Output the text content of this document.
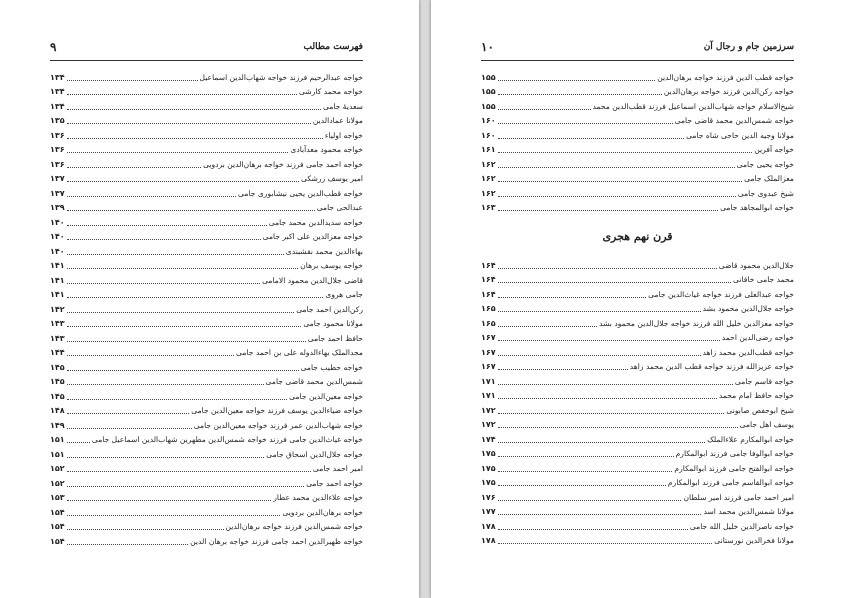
فهرست مطالب
۹
خواجه عبدالرحیم فرزند خواجه شهاب‌الدین اسماعیل
۱۳۴
خواجه محمد کارشی
۱۳۴
سعدیهٔ جامی
۱۳۴
مولانا عمادالدین
۱۳۵
خواجه اولیاء
۱۳۶
خواجه محمود معدآبادی
۱۳۶
خواجه احمد جامی فرزند خواجه برهان‌الدین بردویی
۱۳۶
امیر یوسف زرشکی
۱۳۷
خواجه قطب‌الدین یحیی نیشابوری جامی
۱۳۷
عبدالحی جامی
۱۳۹
خواجه سدیدالدین محمد جامی
۱۴۰
خواجه معزالدین علی اکبر جامی
۱۴۰
بهاءالدین محمد نقشبندی
۱۴۰
خواجه یوسف برهان
۱۴۱
قاضی جلال‌الدین محمود الامامی
۱۴۱
جامی هروی
۱۴۱
رکن‌الدین احمد جامی
۱۴۲
مولانا محمود جامی
۱۴۳
حافظ احمد جامی
۱۴۳
مجدالملک بهاءالدوله علی بن احمد جامی
۱۴۴
خواجه حطیب جامی
۱۴۵
شمس‌الدین محمد قاضی جامی
۱۴۵
خواجه معین‌الدین جامی
۱۴۵
خواجه ضیاءالدین یوسف فرزند خواجه معین‌الدین جامی
۱۴۸
خواجه شهاب‌الدین عمر فرزند خواجه معین‌الدین جامی
۱۴۹
خواجه غیاث‌الدین جامی فرزند خواجه شمس‌الدین مطهرین شهاب‌الدین اسماعیل جامی
۱۵۱
خواجه جلال‌الدین اسحاق جامی
۱۵۱
امیر احمد جامی
۱۵۲
خواجه احمد جامی
۱۵۲
خواجه علاءالدین محمد عطار
۱۵۳
خواجه برهان‌الدین بردویی
۱۵۴
خواجه شمس‌الدین فرزند خواجه برهان‌الدین
۱۵۴
خواجه ظهیرالدین احمد جامی فرزند خواجه برهان الدین
۱۵۴
سرزمین جام و رجال آن
۱۰
خواجه قطب الدین فرزند خواجه برهان‌الدین
۱۵۵
خواجه رکن‌الدین فرزند خواجه برهان‌الدین
۱۵۵
شیخ‌الاسلام خواجه شهاب‌الدین اسماعیل فرزند قطب‌الدین محمد
۱۵۵
خواجه شمس‌الدین محمد قاضی جامی
۱۶۰
مولانا وجیه الدین حاجی شاه جامی
۱۶۰
خواجه آفرین
۱۶۱
خواجه یحیی جامی
۱۶۲
معزالملک جامی
۱۶۲
شیخ عبدوی جامی
۱۶۲
خواجه ابوالمجاهد جامی
۱۶۳
قرن نهم هجری
جلال‌الدین محمود قاضی
۱۶۴
محمد جامی خاقانی
۱۶۴
خواجه عبدالعلی فرزند خواجه غیاث‌الدین جامی
۱۶۴
خواجه جلال‌الدین محمود بشد
۱۶۵
خواجه معزالدین خلیل الله فرزند خواجه جلال‌الدین محمود بشد
۱۶۵
خواجه رضی‌الدین احمد
۱۶۷
خواجه قطب‌الدین محمد زاهد
۱۶۷
خواجه عزیزالله فرزند خواجه قطب الدین محمد زاهد
۱۶۷
خواجه قاسم جامی
۱۷۱
خواجه حافظ امام محمد
۱۷۱
شیخ ابوحفص صابونی
۱۷۲
یوسف اهل جامی
۱۷۲
خواجه ابوالمکارم علاءالملک
۱۷۴
خواجه ابوالوفا جامی فرزند ابوالمکارم
۱۷۵
خواجه ابوالفتح جامی فرزند ابوالمکارم
۱۷۵
خواجه ابوالقاسم جامی فرزند ابوالمکارم
۱۷۵
امیر احمد جامی فرزند امیر سلطان
۱۷۶
مولانا شمس‌الدین محمد اسد
۱۷۷
خواجه ناصرالدین خلیل الله جامی
۱۷۸
مولانا فخرالدین نورستانی
۱۷۸
